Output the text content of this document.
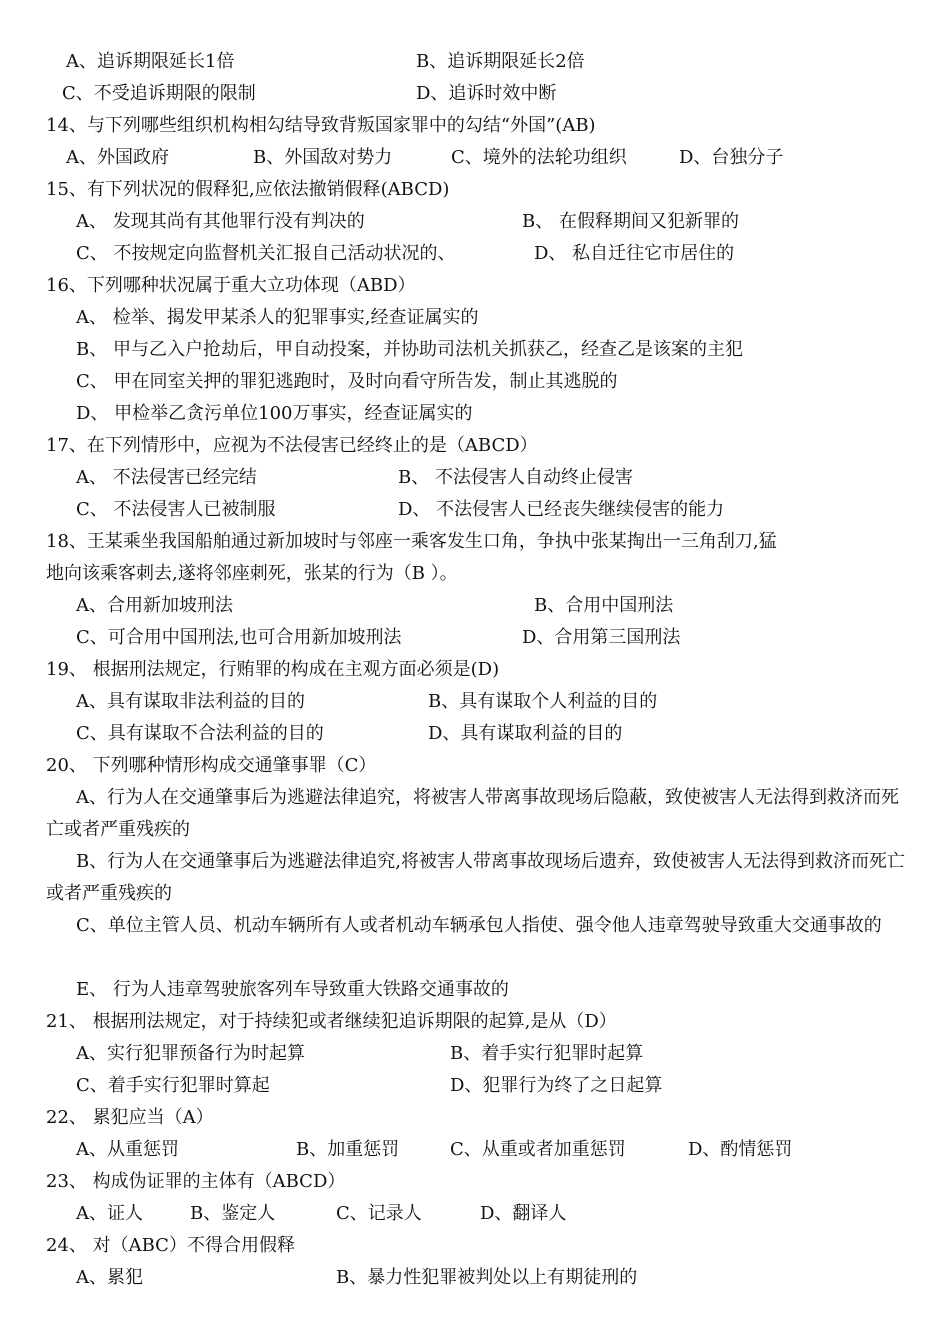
A、追诉期限延长1倍	B、追诉期限延长2倍
C、不受追诉期限的限制	D、追诉时效中断
14、与下列哪些组织机构相勾结导致背叛国家罪中的勾结“外国”(AB)
A、外国政府	B、外国敌对势力	C、境外的法轮功组织	D、台独分子
15、有下列状况的假释犯,应依法撤销假释(ABCD)
A、 发现其尚有其他罪行没有判决的	B、 在假释期间又犯新罪的
C、 不按规定向监督机关汇报自己活动状况的、	D、 私自迁往它市居住的
16、下列哪种状况属于重大立功体现（ABD）
A、 检举、揭发甲某杀人的犯罪事实,经查证属实的
B、 甲与乙入户抢劫后，甲自动投案，并协助司法机关抓获乙，经查乙是该案的主犯
C、 甲在同室关押的罪犯逃跑时，及时向看守所告发，制止其逃脱的
D、 甲检举乙贪污单位100万事实，经查证属实的
17、在下列情形中，应视为不法侵害已经终止的是（ABCD）
A、 不法侵害已经完结	B、 不法侵害人自动终止侵害
C、 不法侵害人已被制服	D、 不法侵害人已经丧失继续侵害的能力
18、王某乘坐我国船舶通过新加坡时与邻座一乘客发生口角，争执中张某掏出一三角刮刀,猛
地向该乘客刺去,遂将邻座刺死，张某的行为（B ）。
A、合用新加坡刑法	B、合用中国刑法
C、可合用中国刑法,也可合用新加坡刑法	D、合用第三国刑法
19、 根据刑法规定，行贿罪的构成在主观方面必须是(D)
A、具有谋取非法利益的目的	B、具有谋取个人利益的目的
C、具有谋取不合法利益的目的	D、具有谋取利益的目的
20、 下列哪种情形构成交通肇事罪（C）
A、行为人在交通肇事后为逃避法律追究，将被害人带离事故现场后隐蔽，致使被害人无法得到救济而死亡或者严重残疾的
B、行为人在交通肇事后为逃避法律追究,将被害人带离事故现场后遗弃，致使被害人无法得到救济而死亡或者严重残疾的
C、单位主管人员、机动车辆所有人或者机动车辆承包人指使、强令他人违章驾驶导致重大交通事故的
E、 行为人违章驾驶旅客列车导致重大铁路交通事故的
21、 根据刑法规定，对于持续犯或者继续犯追诉期限的起算,是从（D）
A、实行犯罪预备行为时起算	B、着手实行犯罪时起算
C、着手实行犯罪时算起	D、犯罪行为终了之日起算
22、 累犯应当（A）
A、从重惩罚	B、加重惩罚	C、从重或者加重惩罚	D、酌情惩罚
23、 构成伪证罪的主体有（ABCD）
A、证人	B、鉴定人	C、记录人	D、翻译人
24、 对（ABC）不得合用假释
A、累犯	B、暴力性犯罪被判处以上有期徒刑的
